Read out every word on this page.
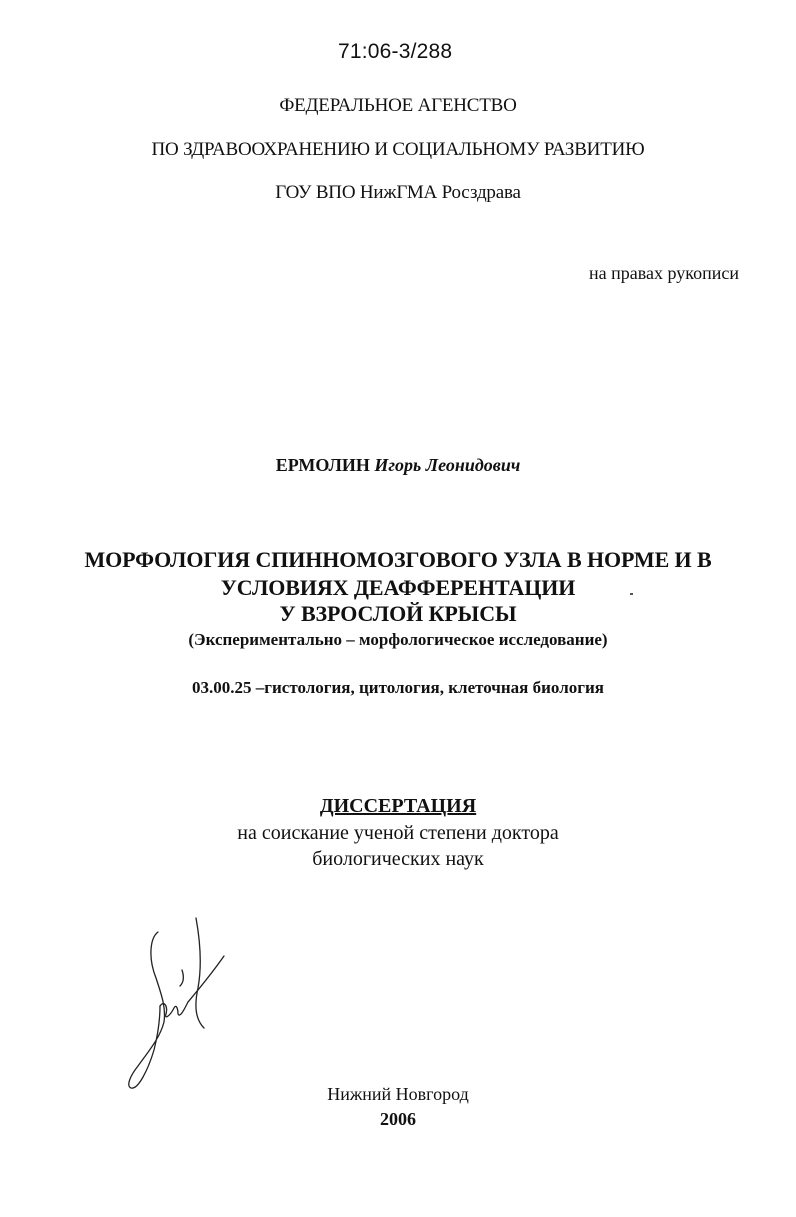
71:06-3/288
ФЕДЕРАЛЬНОЕ АГЕНСТВО
ПО ЗДРАВООХРАНЕНИЮ И СОЦИАЛЬНОМУ РАЗВИТИЮ
ГОУ ВПО НижГМА Росздрава
на правах рукописи
ЕРМОЛИН Игорь Леонидович
МОРФОЛОГИЯ СПИННОМОЗГОВОГО УЗЛА В НОРМЕ И В
УСЛОВИЯХ ДЕАФФЕРЕНТАЦИИ
У ВЗРОСЛОЙ КРЫСЫ
(Экспериментально – морфологическое исследование)
03.00.25 –гистология, цитология, клеточная биология
ДИССЕРТАЦИЯ
на соискание ученой степени доктора
биологических наук
Нижний Новгород
2006
